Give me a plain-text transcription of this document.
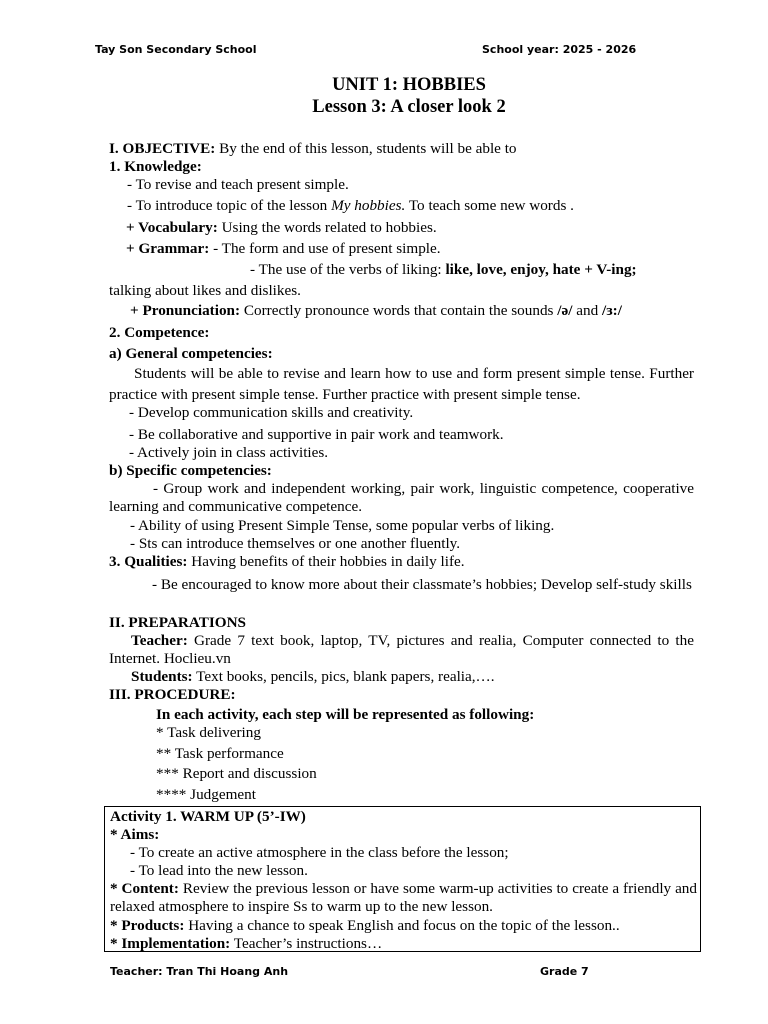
Tay Son Secondary School	School year: 2025 - 2026
UNIT 1: HOBBIES
Lesson 3: A closer look 2
I. OBJECTIVE: By the end of this lesson, students will be able to
1. Knowledge:
- To revise and teach present simple.
- To introduce topic of the lesson My hobbies. To teach some new words .
+ Vocabulary: Using the words related to hobbies.
+ Grammar: - The form and use of present simple.
- The use of the verbs of liking: like, love, enjoy, hate + V-ing;
talking about likes and dislikes.
+ Pronunciation: Correctly pronounce words that contain the sounds /ə/ and /ɜ:/
2. Competence:
a) General competencies:
Students will be able to revise and learn how to use and form present simple tense. Further practice with present simple tense. Further practice with present simple tense.
- Develop communication skills and creativity.
- Be collaborative and supportive in pair work and teamwork.
- Actively join in class activities.
b) Specific competencies:
- Group work and independent working, pair work, linguistic competence, cooperative learning and communicative competence.
- Ability of using Present Simple Tense, some popular verbs of liking.
- Sts can introduce themselves or one another fluently.
3. Qualities: Having benefits of their hobbies in daily life.
- Be encouraged to know more about their classmate’s hobbies; Develop self-study skills
II. PREPARATIONS
Teacher: Grade 7 text book, laptop, TV, pictures and realia, Computer connected to the Internet. Hoclieu.vn
Students: Text books, pencils, pics, blank papers, realia,….
III. PROCEDURE:
In each activity, each step will be represented as following:
* Task delivering
** Task performance
*** Report and discussion
**** Judgement
Activity 1. WARM UP (5’-IW)
* Aims:
- To create an active atmosphere in the class before the lesson;
- To lead into the new lesson.
* Content: Review the previous lesson or have some warm-up activities to create a friendly and relaxed atmosphere to inspire Ss to warm up to the new lesson.
* Products: Having a chance to speak English and focus on the topic of the lesson..
* Implementation: Teacher’s instructions…
Teacher: Tran Thi Hoang Anh	Grade 7
